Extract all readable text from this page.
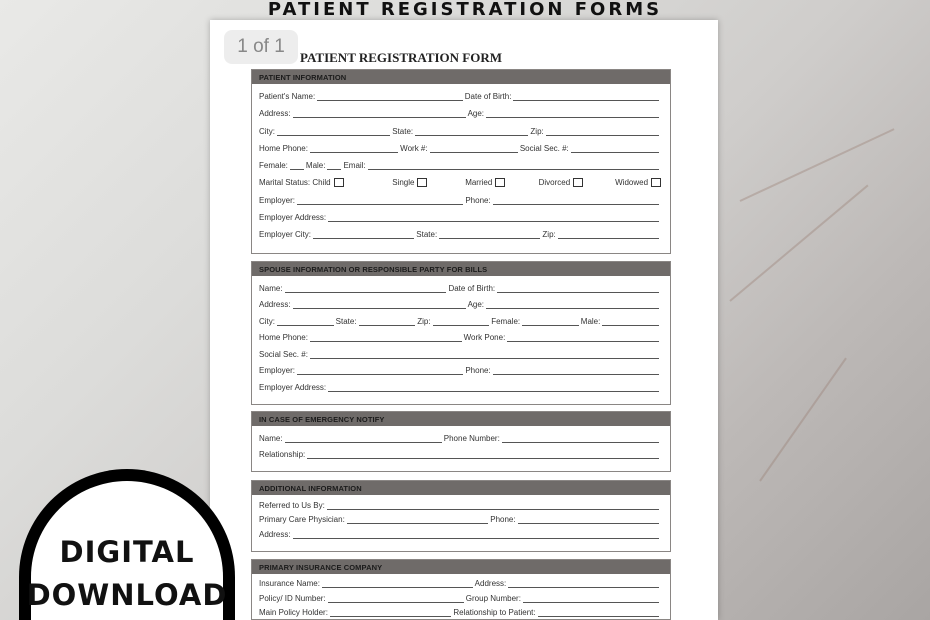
PATIENT REGISTRATION FORMS
1 of 1
PATIENT REGISTRATION FORM
PATIENT INFORMATION
Patient's Name:	Date of Birth:
Address:	Age:
City:	State:	Zip:
Home Phone:	Work #:	Social Sec. #:
Female: Male: Email:
Marital Status: Child	Single	Married	Divorced	Widowed
Employer:	Phone:
Employer Address:
Employer City:	State:	Zip:
SPOUSE INFORMATION OR RESPONSIBLE PARTY FOR BILLS
Name:	Date of Birth:
Address:	Age:
City:	State:	Zip:	Female:	Male:
Home Phone:	Work Pone:
Social Sec. #:
Employer:	Phone:
Employer Address:
IN CASE OF EMERGENCY NOTIFY
Name:	Phone Number:
Relationship:
ADDITIONAL INFORMATION
Referred to Us By:
Primary Care Physician:	Phone:
Address:
PRIMARY INSURANCE COMPANY
Insurance Name:	Address:
Policy/ ID Number:	Group Number:
Main Policy Holder:	Relationship to Patient:
DIGITAL
DOWNLOAD
